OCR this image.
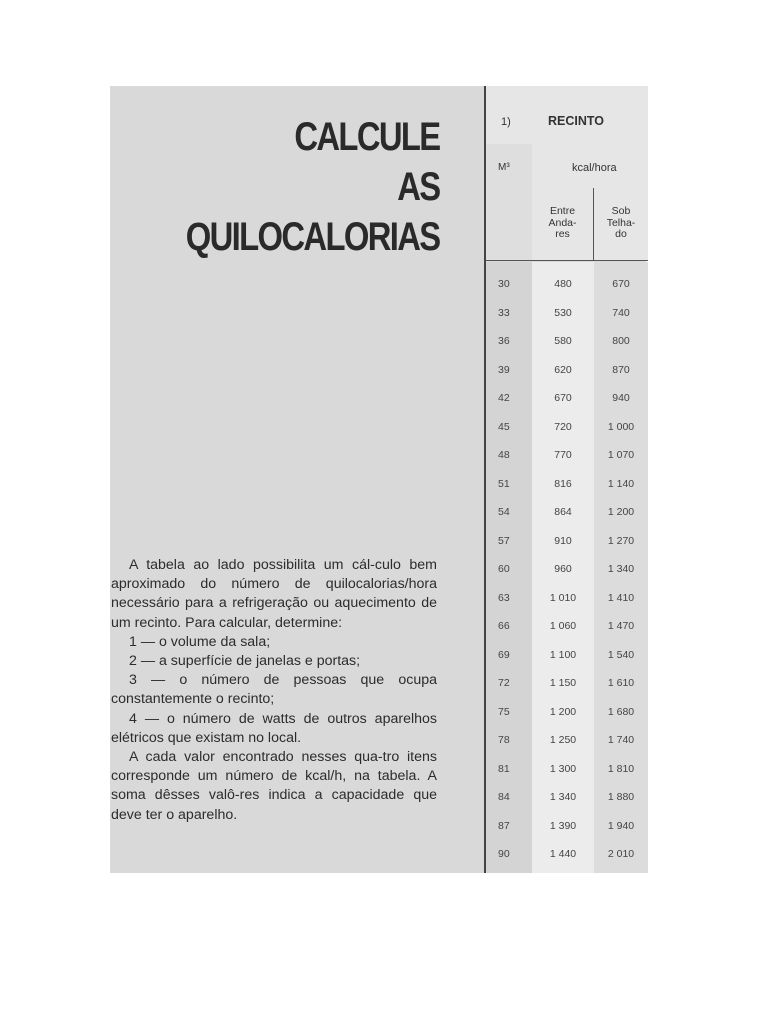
CALCULE
AS
QUILOCALORIAS

A tabela ao lado possibilita um cál-culo bem aproximado do número de quilocalorias/hora necessário para a refrigeração ou aquecimento de um recinto. Para calcular, determine:

1 — o volume da sala;

2 — a superfície de janelas e portas;

3 — o número de pessoas que ocupa constantemente o recinto;

4 — o número de watts de outros aparelhos elétricos que existam no local.

A cada valor encontrado nesses qua-tro itens corresponde um número de kcal/h, na tabela. A soma dêsses valô-res indica a capacidade que deve ter o aparelho.

1)	RECINTO
M³	kcal/hora
Entre
Anda-
res
Sob
Telha-
do
30	480	670
33	530	740
36	580	800
39	620	870
42	670	940
45	720	1 000
48	770	1 070
51	816	1 140
54	864	1 200
57	910	1 270
60	960	1 340
63	1 010	1 410
66	1 060	1 470
69	1 100	1 540
72	1 150	1 610
75	1 200	1 680
78	1 250	1 740
81	1 300	1 810
84	1 340	1 880
87	1 390	1 940
90	1 440	2 010
